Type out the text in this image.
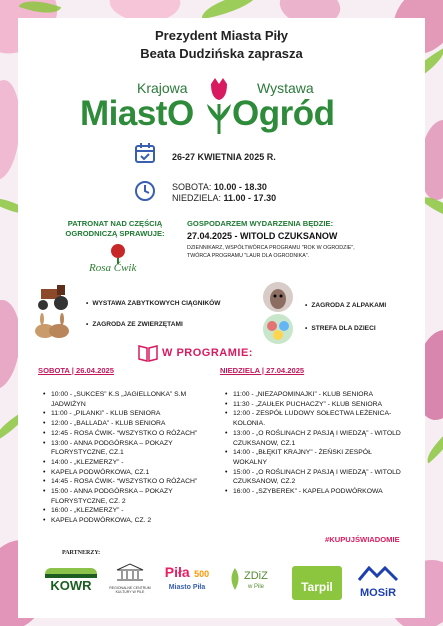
Prezydent Miasta Piły
Beata Dudzińska zaprasza
Krajowa	Wystawa
MiastO Ogród
26-27 KWIETNIA 2025 R.
SOBOTA: 10.00 - 18.30
NIEDZIELA: 11.00 - 17.30
PATRONAT NAD CZĘŚCIĄ
OGRODNICZĄ SPRAWUJE:
Rosa Ćwik
GOSPODARZEM WYDARZENIA BĘDZIE:
27.04.2025 - WITOLD CZUKSANOW
DZIENNIKARZ, WSPÓŁTWÓRCA PROGRAMU "ROK W OGRODZIE",
TWÓRCA PROGRAMU "LAUR DLA OGRODNIKA".
• WYSTAWA ZABYTKOWYCH CIĄGNIKÓW
• ZAGRODA ZE ZWIERZĘTAMI
• ZAGRODA Z ALPAKAMI
• STREFA DLA DZIECI
W PROGRAMIE:
SOBOTA | 26.04.2025
• 10:00 - „SUKCES” K.S „JAGIELLONKA” S.M JADWIŻYN
• 11:00 - „PILANKI” - KLUB SENIORA
• 12:00 - „BALLADA” - KLUB SENIORA
• 12:45 - ROSA ĆWIK- “WSZYSTKO O RÓŻACH”
• 13:00 - ANNA PODGÓRSKA – POKAZY FLORYSTYCZNE, CZ.1
• 14:00 - „KLEZMERZY” -
• KAPELA PODWÓRKOWA, CZ.1
• 14:45 - ROSA ĆWIK- “WSZYSTKO O RÓŻACH”
• 15:00 - ANNA PODGÓRSKA – POKAZY FLORYSTYCZNE, CZ. 2
• 16:00 - „KLEZMERZY” -
• KAPELA PODWÓRKOWA, CZ. 2
NIEDZIELA | 27.04.2025
• 11:00 - „NIEZAPOMINAJKI” - KLUB SENIORA
• 11:30 - „ZAUŁEK PUCHACZY” - KLUB SENIORA
• 12:00 - ZESPÓŁ LUDOWY SOŁECTWA LEŻENICA-KOLONIA.
• 13:00 - „O ROŚLINACH Z PASJĄ I WIEDZĄ” - WITOLD CZUKSANOW, CZ.1
• 14:00 - „BŁĘKIT KRAJNY” - ŻEŃSKI ZESPÓŁ WOKALNY
• 15:00 - „O ROŚLINACH Z PASJĄ I WIEDZĄ” - WITOLD CZUKSANOW, CZ.2
• 16:00 - „SZYBEREK” - KAPELA PODWÓRKOWA
#KUPUJŚWIADOMIE
PARTNERZY:
KOWR	REGIONALNE CENTRUM
KULTURY W PILE
Piła 500
Miasto Piła
ZDiZ
w Pile	Tarpil	MOSiR
